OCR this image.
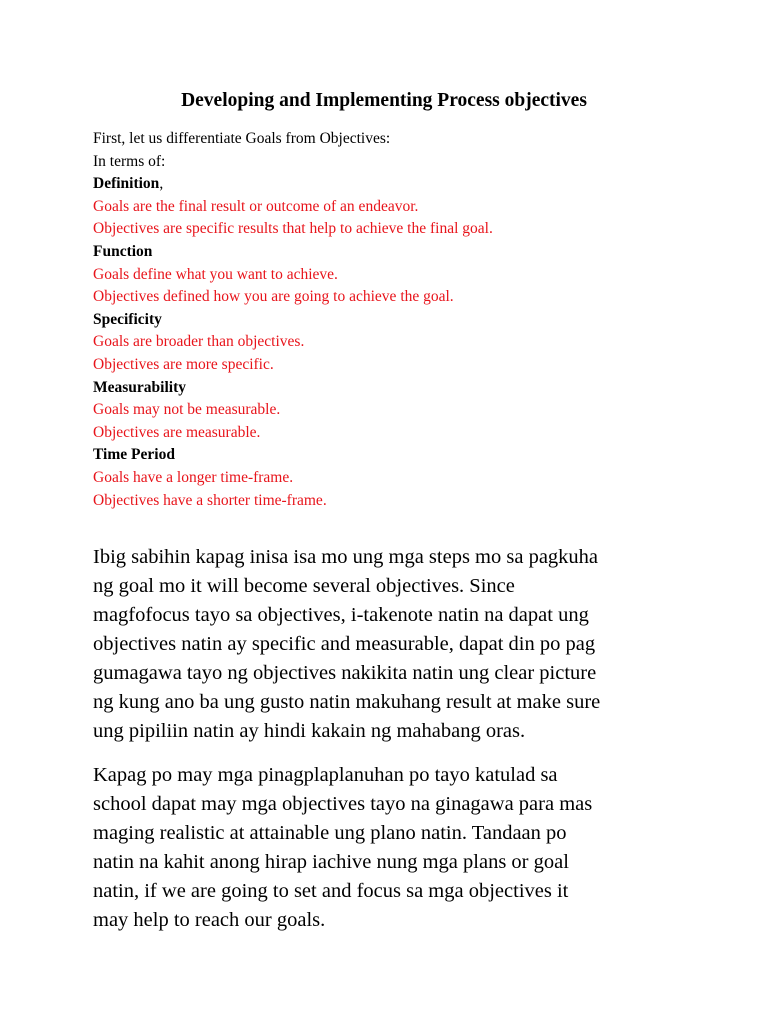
Developing and Implementing Process objectives
First, let us differentiate Goals from Objectives:
In terms of:
Definition,
Goals are the final result or outcome of an endeavor.
Objectives are specific results that help to achieve the final goal.
Function
Goals define what you want to achieve.
Objectives defined how you are going to achieve the goal.
Specificity
Goals are broader than objectives.
Objectives are more specific.
Measurability
Goals may not be measurable.
Objectives are measurable.
Time Period
Goals have a longer time-frame.
Objectives have a shorter time-frame.

Ibig sabihin kapag inisa isa mo ung mga steps mo sa pagkuha
ng goal mo it will become several objectives. Since
magfofocus tayo sa objectives, i-takenote natin na dapat ung
objectives natin ay specific and measurable, dapat din po pag
gumagawa tayo ng objectives nakikita natin ung clear picture
ng kung ano ba ung gusto natin makuhang result at make sure
ung pipiliin natin ay hindi kakain ng mahabang oras.

Kapag po may mga pinagplaplanuhan po tayo katulad sa
school dapat may mga objectives tayo na ginagawa para mas
maging realistic at attainable ung plano natin. Tandaan po
natin na kahit anong hirap iachive nung mga plans or goal
natin, if we are going to set and focus sa mga objectives it
may help to reach our goals.
